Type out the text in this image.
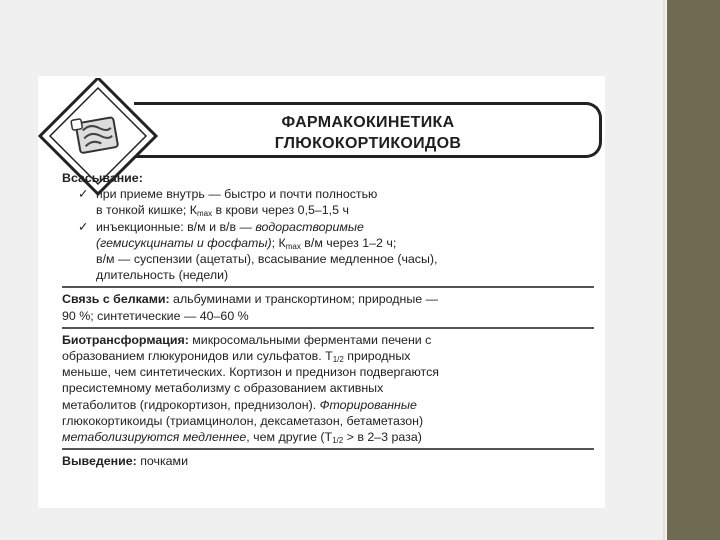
ФАРМАКОКИНЕТИКА
ГЛЮКОКОРТИКОИДОВ

Всасывание:

✓ при приеме внутрь — быстро и почти полностью

в тонкой кишке; $К_{max}$ в крови через 0,5–1,5 ч

✓ инъекционные: в/м и в/в — водорастворимые

(гемисукцинаты и фосфаты); $К_{max}$ в/м через 1–2 ч;

в/м — суспензии (ацетаты), всасывание медленное (часы),

длительность (недели)

Связь с белками: альбуминами и транскортином; природные —

90 %; синтетические — 40–60 %

Биотрансформация: микросомальными ферментами печени с

образованием глюкуронидов или сульфатов. $Т_{1/2}$ природных

меньше, чем синтетических. Кортизон и преднизон подвергаются

пресистемному метаболизму с образованием активных

метаболитов (гидрокортизон, преднизолон). Фторированные

глюкокортикоиды (триамцинолон, дексаметазон, бетаметазон)

метаболизируются медленнее, чем другие ($Т_{1/2} > в$ 2–3 раза)

Выведение: почками
